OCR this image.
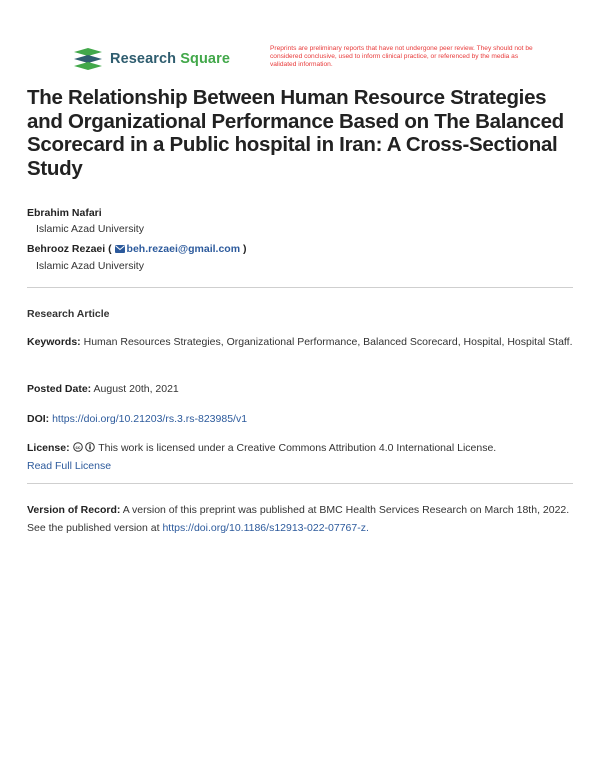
Research Square
Preprints are preliminary reports that have not undergone peer review. They should not be considered conclusive, used to inform clinical practice, or referenced by the media as validated information.
The Relationship Between Human Resource Strategies and Organizational Performance Based on The Balanced Scorecard in a Public hospital in Iran: A Cross-Sectional Study
Ebrahim Nafari
Islamic Azad University
Behrooz Rezaei ( beh.rezaei@gmail.com )
Islamic Azad University
Research Article
Keywords: Human Resources Strategies, Organizational Performance, Balanced Scorecard, Hospital, Hospital Staff.
Posted Date: August 20th, 2021
DOI: https://doi.org/10.21203/rs.3.rs-823985/v1
License: cc This work is licensed under a Creative Commons Attribution 4.0 International License.
Read Full License
Version of Record: A version of this preprint was published at BMC Health Services Research on March 18th, 2022. See the published version at https://doi.org/10.1186/s12913-022-07767-z.
